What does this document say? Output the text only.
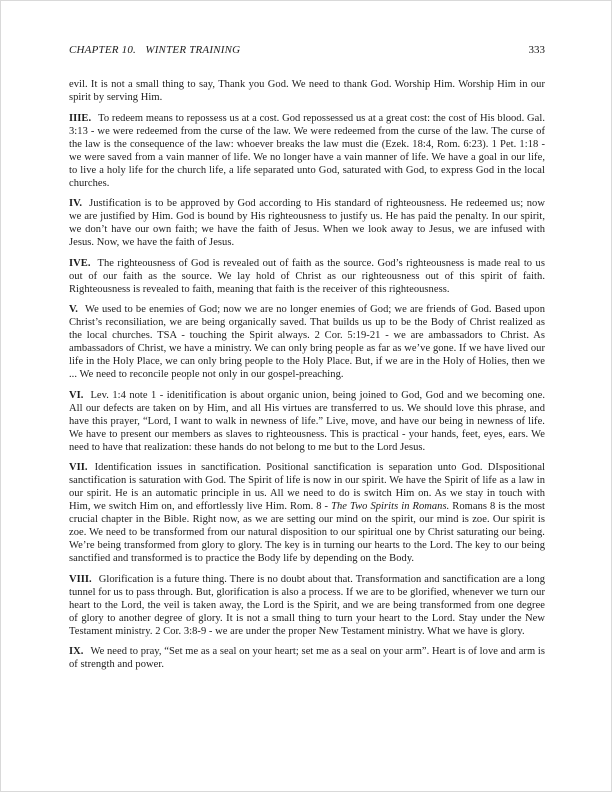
CHAPTER 10. WINTER TRAINING	333

evil. It is not a small thing to say, Thank you God. We need to thank God. Worship Him. Worship Him in our spirit by serving Him.

IIIE. To redeem means to repossess us at a cost. God repossessed us at a great cost: the cost of His blood. Gal. 3:13 - we were redeemed from the curse of the law. We were redeemed from the curse of the law. The curse of the law is the consequence of the law: whoever breaks the law must die (Ezek. 18:4, Rom. 6:23). 1 Pet. 1:18 - we were saved from a vain manner of life. We no longer have a vain manner of life. We have a goal in our life, to live a holy life for the church life, a life separated unto God, saturated with God, to express God in the local churches.

IV. Justification is to be approved by God according to His standard of righteousness. He redeemed us; now we are justified by Him. God is bound by His righteousness to justify us. He has paid the penalty. In our spirit, we don’t have our own faith; we have the faith of Jesus. When we look away to Jesus, we are infused with Jesus. Now, we have the faith of Jesus.

IVE. The righteousness of God is revealed out of faith as the source. God’s righteousness is made real to us out of our faith as the source. We lay hold of Christ as our righteousness out of this spirit of faith. Righteousness is revealed to faith, meaning that faith is the receiver of this righteousness.

V. We used to be enemies of God; now we are no longer enemies of God; we are friends of God. Based upon Christ’s reconsiliation, we are being organically saved. That builds us up to be the Body of Christ realized as the local churches. TSA - touching the Spirit always. 2 Cor. 5:19-21 - we are ambassadors to Christ. As ambassadors of Christ, we have a ministry. We can only bring people as far as we’ve gone. If we have lived our life in the Holy Place, we can only bring people to the Holy Place. But, if we are in the Holy of Holies, then we ... We need to reconcile people not only in our gospel-preaching.

VI. Lev. 1:4 note 1 - idenitification is about organic union, being joined to God, God and we becoming one. All our defects are taken on by Him, and all His virtues are transferred to us. We should love this phrase, and have this prayer, “Lord, I want to walk in newness of life.” Live, move, and have our being in newness of life. We have to present our members as slaves to righteousness. This is practical - your hands, feet, eyes, ears. We need to have that realization: these hands do not belong to me but to the Lord Jesus.

VII. Identification issues in sanctification. Positional sanctification is separation unto God. DIspositional sanctification is saturation with God. The Spirit of life is now in our spirit. We have the Spirit of life as a law in our spirit. He is an automatic principle in us. All we need to do is switch Him on. As we stay in touch with Him, we switch Him on, and effortlessly live Him. Rom. 8 - The Two Spirits in Romans. Romans 8 is the most crucial chapter in the Bible. Right now, as we are setting our mind on the spirit, our mind is zoe. Our spirit is zoe. We need to be transformed from our natural disposition to our spiritual one by Christ saturating our being. We’re being transformed from glory to glory. The key is in turning our hearts to the Lord. The key to our being sanctified and transformed is to practice the Body life by depending on the Body.

VIII. Glorification is a future thing. There is no doubt about that. Transformation and sanctification are a long tunnel for us to pass through. But, glorification is also a process. If we are to be glorified, whenever we turn our heart to the Lord, the veil is taken away, the Lord is the Spirit, and we are being transformed from one degree of glory to another degree of glory. It is not a small thing to turn your heart to the Lord. Stay under the New Testament ministry. 2 Cor. 3:8-9 - we are under the proper New Testament ministry. What we have is glory.

IX. We need to pray, “Set me as a seal on your heart; set me as a seal on your arm”. Heart is of love and arm is of strength and power.
